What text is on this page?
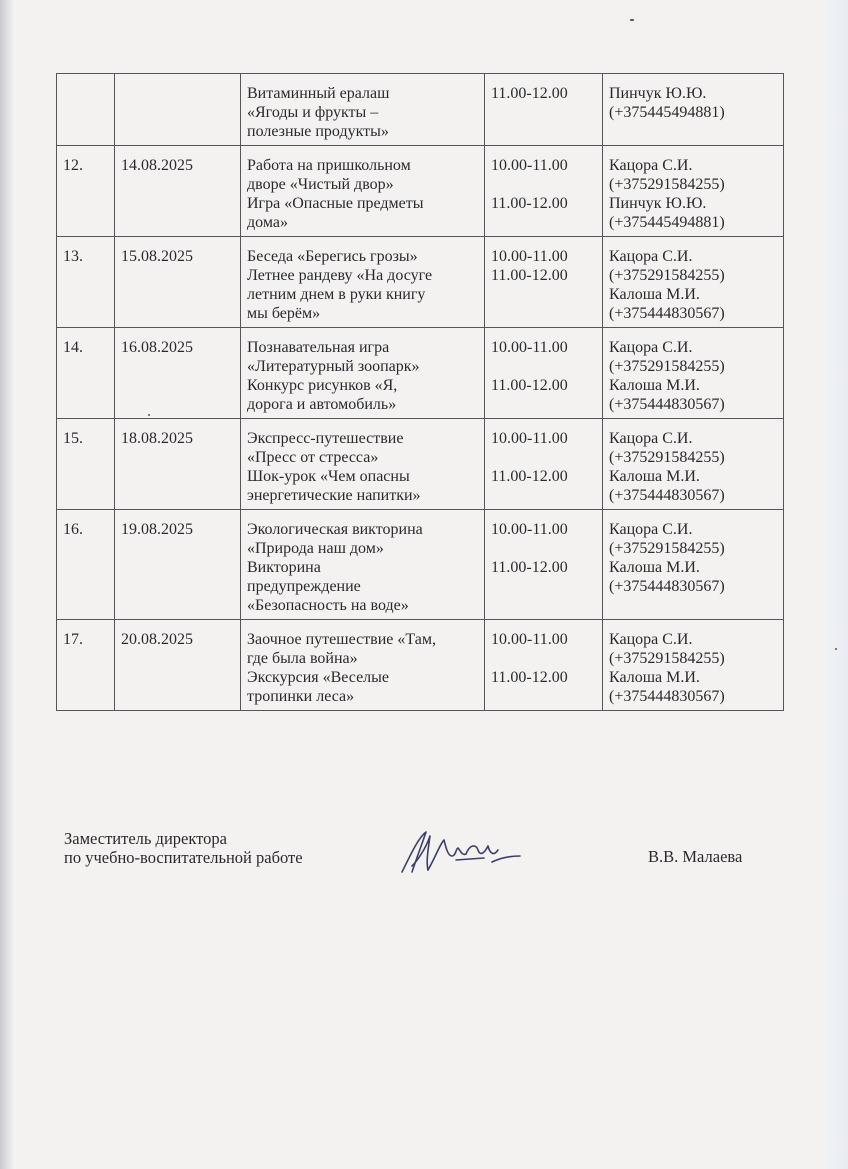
		Витаминный ералаш
«Ягоды и фрукты –
полезные продукты»	11.00-12.00	Пинчук Ю.Ю.
(+375445494881)

12.	14.08.2025	Работа на пришкольном
дворе «Чистый двор»
Игра «Опасные предметы
дома»	10.00-11.00
11.00-12.00	Кацора С.И.
(+375291584255)
Пинчук Ю.Ю.
(+375445494881)

13.	15.08.2025	Беседа «Берегись грозы»
Летнее рандеву «На досуге
летним днем в руки книгу
мы берём»	10.00-11.00
11.00-12.00	Кацора С.И.
(+375291584255)
Калоша М.И.
(+375444830567)

14.	16.08.2025	Познавательная игра
«Литературный зоопарк»
Конкурс рисунков «Я,
дорога и автомобиль»	10.00-11.00
11.00-12.00	Кацора С.И.
(+375291584255)
Калоша М.И.
(+375444830567)

15.	18.08.2025	Экспресс-путешествие
«Пресс от стресса»
Шок-урок «Чем опасны
энергетические напитки»	10.00-11.00
11.00-12.00	Кацора С.И.
(+375291584255)
Калоша М.И.
(+375444830567)

16.	19.08.2025	Экологическая викторина
«Природа наш дом»
Викторина
предупреждение
«Безопасность на воде»	10.00-11.00
11.00-12.00	Кацора С.И.
(+375291584255)
Калоша М.И.
(+375444830567)

17.	20.08.2025	Заочное путешествие «Там,
где была война»
Экскурсия «Веселые
тропинки леса»	10.00-11.00
11.00-12.00	Кацора С.И.
(+375291584255)
Калоша М.И.
(+375444830567)
Заместитель директора
по учебно-воспитательной работе	В.В. Малаева
